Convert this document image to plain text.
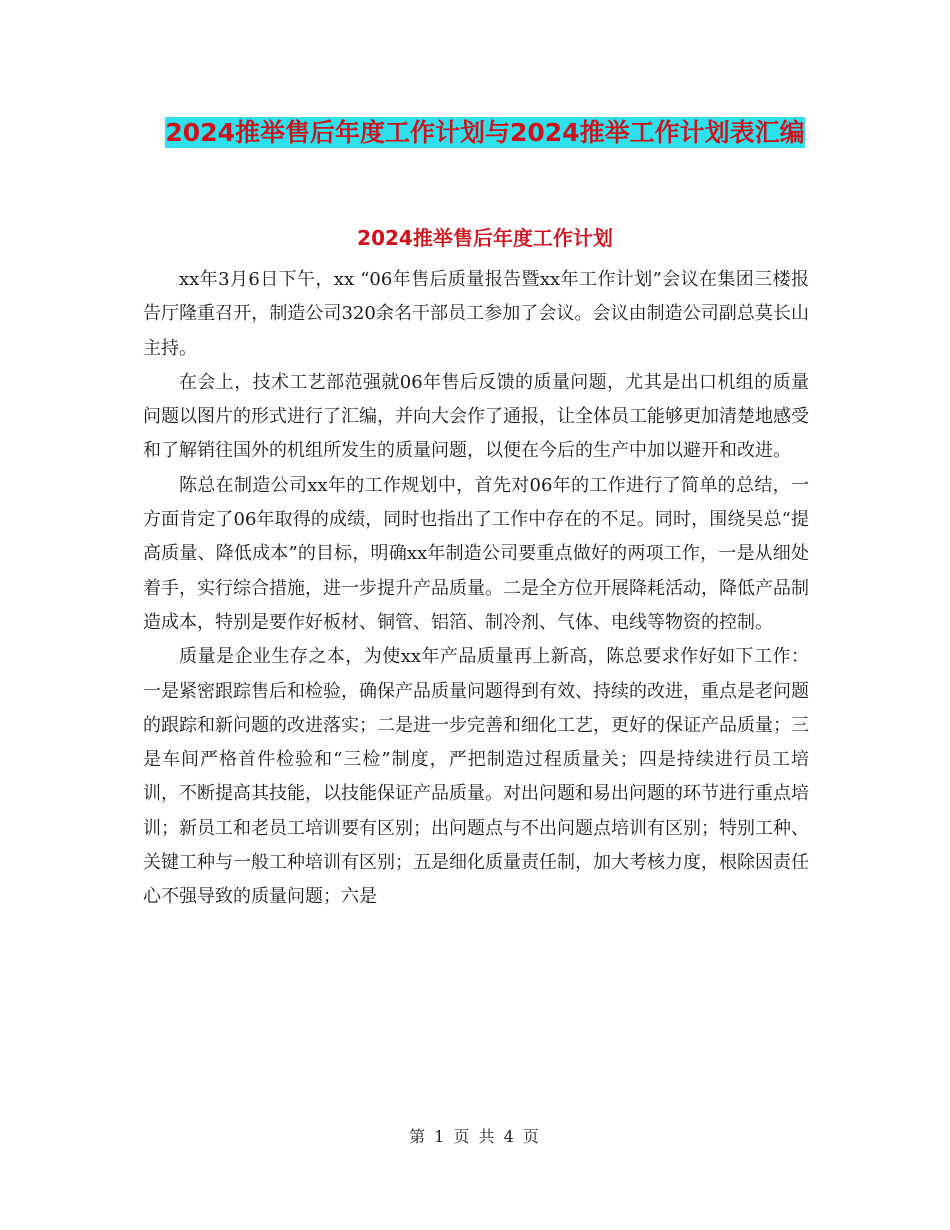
2024推举售后年度工作计划与2024推举工作计划表汇编
2024推举售后年度工作计划

xx年3月6日下午，xx “06年售后质量报告暨xx年工作计划”会议在集团三楼报告厅隆重召开，制造公司320余名干部员工参加了会议。会议由制造公司副总莫长山主持。

在会上，技术工艺部范强就06年售后反馈的质量问题，尤其是出口机组的质量问题以图片的形式进行了汇编，并向大会作了通报，让全体员工能够更加清楚地感受和了解销往国外的机组所发生的质量问题，以便在今后的生产中加以避开和改进。

陈总在制造公司xx年的工作规划中，首先对06年的工作进行了简单的总结，一方面肯定了06年取得的成绩，同时也指出了工作中存在的不足。同时，围绕吴总“提高质量、降低成本”的目标，明确xx年制造公司要重点做好的两项工作，一是从细处着手，实行综合措施，进一步提升产品质量。二是全方位开展降耗活动，降低产品制造成本，特别是要作好板材、铜管、铝箔、制冷剂、气体、电线等物资的控制。

质量是企业生存之本，为使xx年产品质量再上新高，陈总要求作好如下工作： 一是紧密跟踪售后和检验，确保产品质量问题得到有效、持续的改进，重点是老问题的跟踪和新问题的改进落实；二是进一步完善和细化工艺，更好的保证产品质量；三是车间严格首件检验和“三检”制度，严把制造过程质量关；四是持续进行员工培训，不断提高其技能，以技能保证产品质量。对出问题和易出问题的环节进行重点培训；新员工和老员工培训要有区别；出问题点与不出问题点培训有区别；特别工种、关键工种与一般工种培训有区别；五是细化质量责任制，加大考核力度，根除因责任心不强导致的质量问题；六是

第 1 页 共 4 页
